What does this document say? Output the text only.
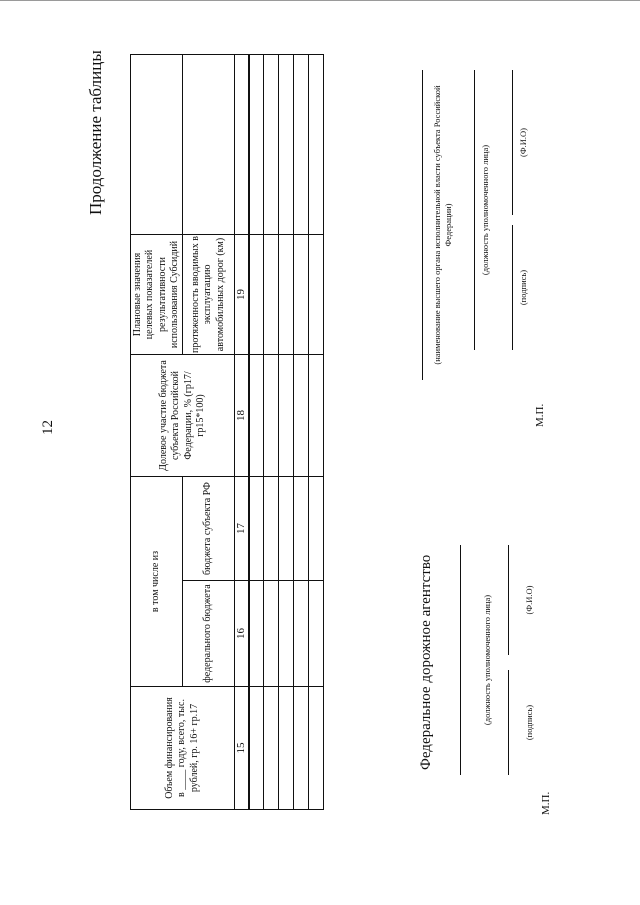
12
Продолжение таблицы
Объем финансирования в ____ году, всего, тыс. рублей, гр. 16+ гр.17	в том числе из		Долевое участие бюджета субъекта Российской Федерации, % (гр17/гр15*100)	Плановые значения целевых показателей результативности использования Субсидий	

	федерального бюджета	бюджета субъекта РФ		протяженность вводимых в эксплуатацию автомобильных дорог (км)	

15	16	17	18	19	

Федеральное дорожное агентство	(должность уполномоченного лица)	(подпись)
(Ф.И.О)
М.П.
(наименование высшего органа исполнительной власти субъекта Российской Федерации)	(должность уполномоченного лица)
(подпись)
(Ф.И.О)
М.П.
